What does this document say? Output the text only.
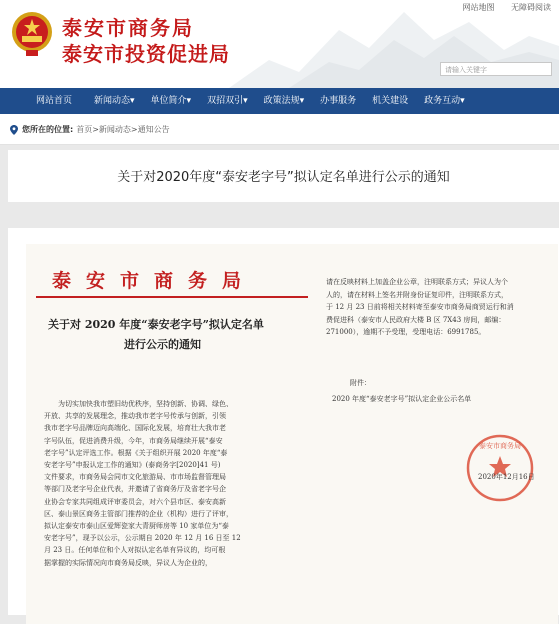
泰安市商务局
泰安市投资促进局
网站地图 无障碍阅读
请输入关键字
网站首页	新闻动态▾	单位简介▾	双招双引▾	政策法规▾	办事服务	机关建设	政务互动▾
您所在的位置: 首页>新闻动态>通知公告
关于对2020年度“泰安老字号”拟认定名单进行公示的通知
泰安市商务局
关于对 2020 年度“泰安老字号”拟认定名单
进行公示的通知
为切实加快我市塑旧幼优秩序，坚持创新、协调、绿色、
开放、共享的发展理念，推动我市老字号传承与创新，引领
我市老字号品牌迈向高端化、国际化发展，培育壮大我市老
字号队伍，促进消费升级，今年，市商务局继续开展“泰安
老字号”认定评选工作。根据《关于组织开展 2020 年度“泰
安老字号”申报认定工作的通知》(泰商务字[2020]41 号)
文件要求，市商务局会同市文化旅游局、市市场监督管理局
等部门及老字号企业代表，并邀请了省商务厅及省老字号企
业协会专家共同组成评审委员会，对六个县市区、泰安高新
区、泰山景区商务主管部门推荐的企业（机构）进行了评审，
拟认定泰安市泰山区爱辉瓷家大青厨师房等 10 家单位为“泰
安老字号”，现予以公示，公示期自 2020 年 12 月 16 日至 12
月 23 日。任何单位和个人对拟认定名单有异议的，均可根
据掌握的实际情况向市商务局反映，异议人为企业的，
请在反映材料上加盖企业公章，注明联系方式；异议人为个
人的，请在材料上签名并附身份证复印件，注明联系方式，
于 12 月 23 日前将相关材料寄至泰安市商务局商贸运行和消
费促进科（泰安市人民政府大楼 B 区 7X43 房间，邮编：
271000），逾期不予受理，受理电话：6991785。
附件：
2020 年度“泰安老字号”拟认定企业公示名单
泰安市商务局
2020年12月16日
